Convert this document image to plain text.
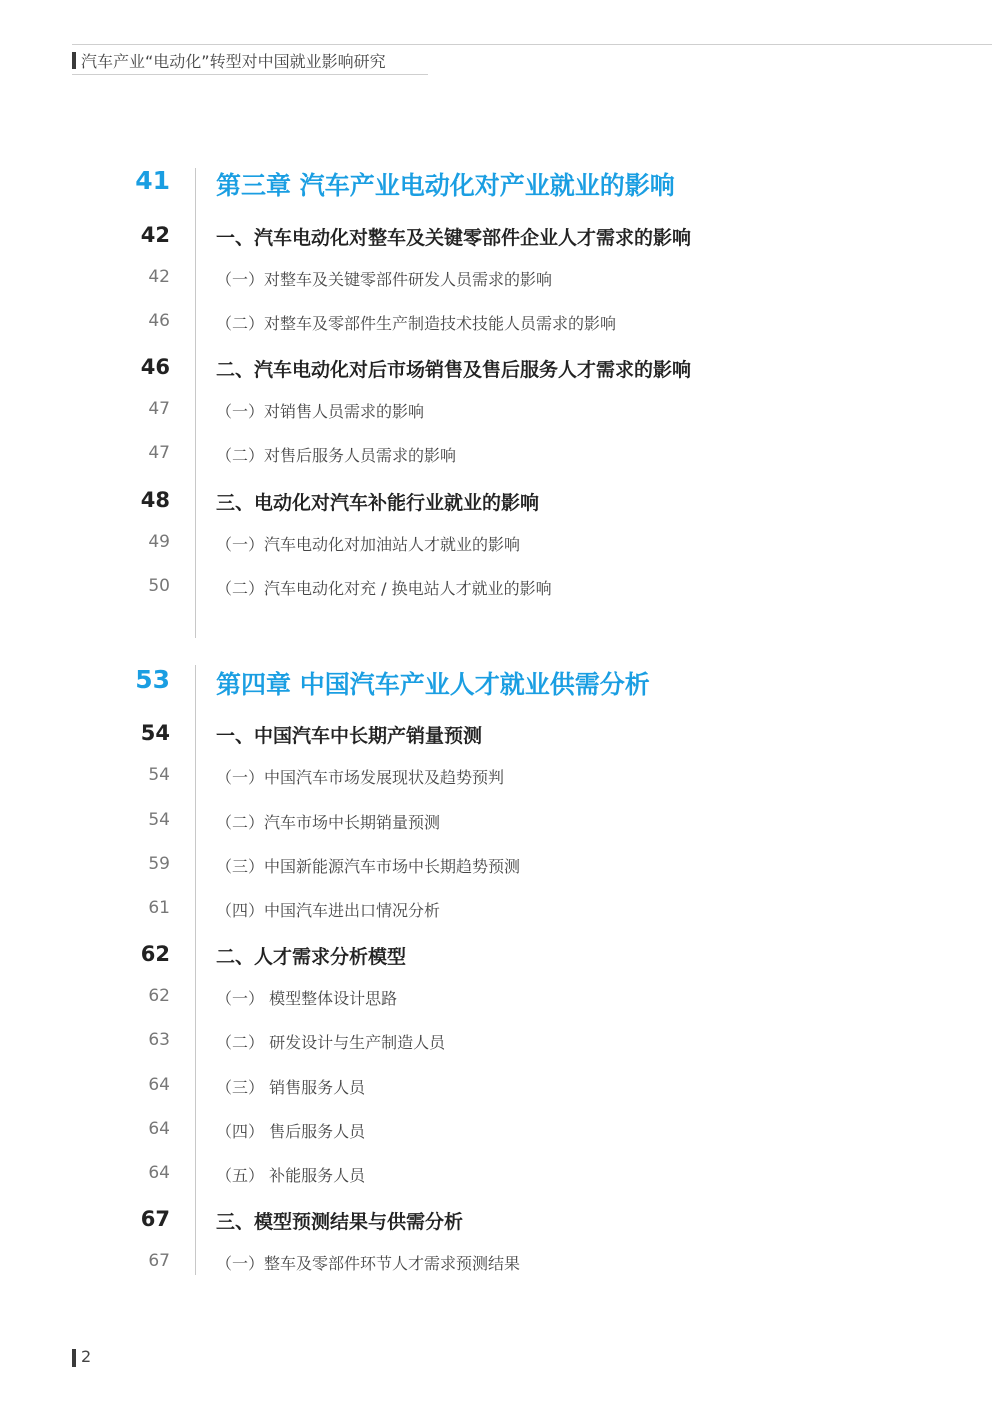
汽车产业“电动化”转型对中国就业影响研究
41 第三章 汽车产业电动化对产业就业的影响
42 一、汽车电动化对整车及关键零部件企业人才需求的影响
42	（一）对整车及关键零部件研发人员需求的影响
46	（二）对整车及零部件生产制造技术技能人员需求的影响
46 二、汽车电动化对后市场销售及售后服务人才需求的影响
47	（一）对销售人员需求的影响
47	（二）对售后服务人员需求的影响
48 三、电动化对汽车补能行业就业的影响
49	（一）汽车电动化对加油站人才就业的影响
50	（二）汽车电动化对充 / 换电站人才就业的影响
53 第四章 中国汽车产业人才就业供需分析
54 一、中国汽车中长期产销量预测
54	（一）中国汽车市场发展现状及趋势预判
54	（二）汽车市场中长期销量预测
59	（三）中国新能源汽车市场中长期趋势预测
61	（四）中国汽车进出口情况分析
62 二、人才需求分析模型
62	（一） 模型整体设计思路
63	（二） 研发设计与生产制造人员
64	（三） 销售服务人员
64	（四） 售后服务人员
64	（五） 补能服务人员
67 三、模型预测结果与供需分析
67	（一）整车及零部件环节人才需求预测结果
2
